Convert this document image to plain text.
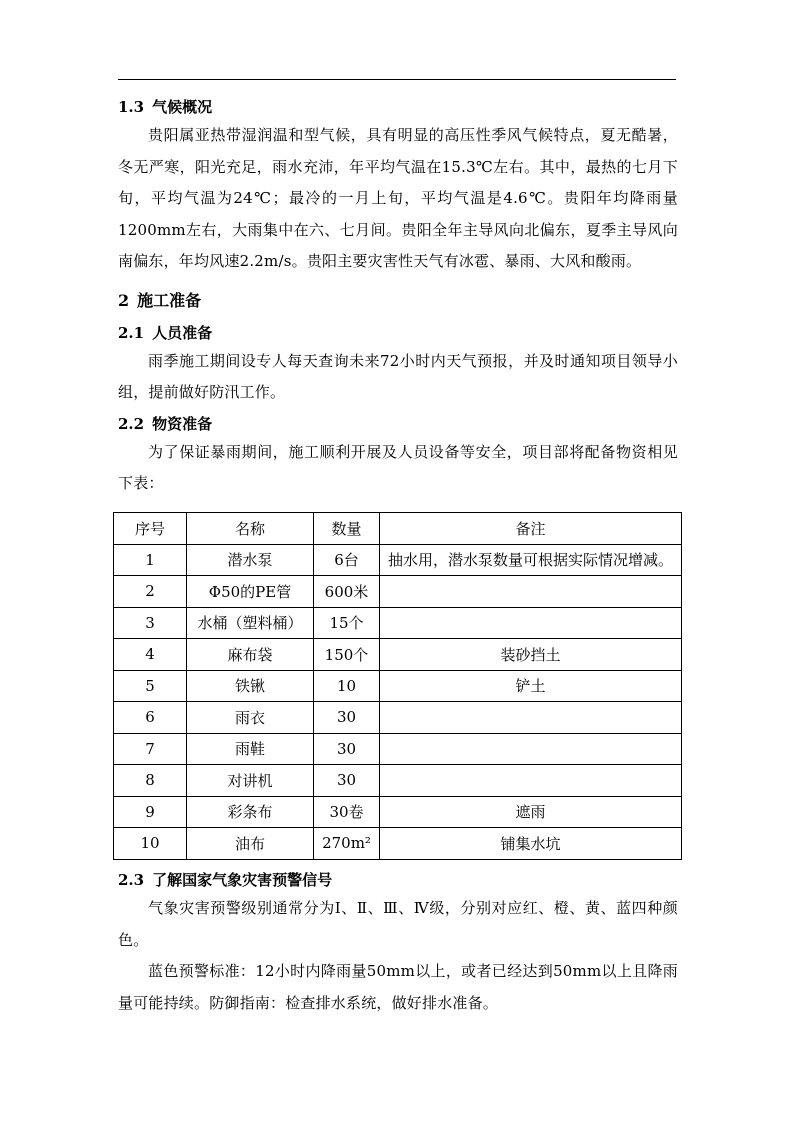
1.3 气候概况
贵阳属亚热带湿润温和型气候，具有明显的高压性季风气候特点，夏无酷暑，冬无严寒，阳光充足，雨水充沛，年平均气温在15.3℃左右。其中，最热的七月下旬，平均气温为24℃；最冷的一月上旬，平均气温是4.6℃。贵阳年均降雨量1200mm左右，大雨集中在六、七月间。贵阳全年主导风向北偏东，夏季主导风向南偏东，年均风速2.2m/s。贵阳主要灾害性天气有冰雹、暴雨、大风和酸雨。
2 施工准备
2.1 人员准备
雨季施工期间设专人每天查询未来72小时内天气预报，并及时通知项目领导小组，提前做好防汛工作。
2.2 物资准备
为了保证暴雨期间，施工顺利开展及人员设备等安全，项目部将配备物资相见下表：
序号	名称	数量	备注
1	潜水泵	6台	抽水用，潜水泵数量可根据实际情况增减。
2	Φ50的PE管	600米	
3	水桶（塑料桶）	15个	
4	麻布袋	150个	装砂挡土
5	铁锹	10	铲土
6	雨衣	30	
7	雨鞋	30	
8	对讲机	30	
9	彩条布	30卷	遮雨
10	油布	270m²	铺集水坑
2.3 了解国家气象灾害预警信号
气象灾害预警级别通常分为Ⅰ、Ⅱ、Ⅲ、Ⅳ级，分别对应红、橙、黄、蓝四种颜色。
蓝色预警标准：12小时内降雨量50mm以上，或者已经达到50mm以上且降雨量可能持续。防御指南：检查排水系统，做好排水准备。
